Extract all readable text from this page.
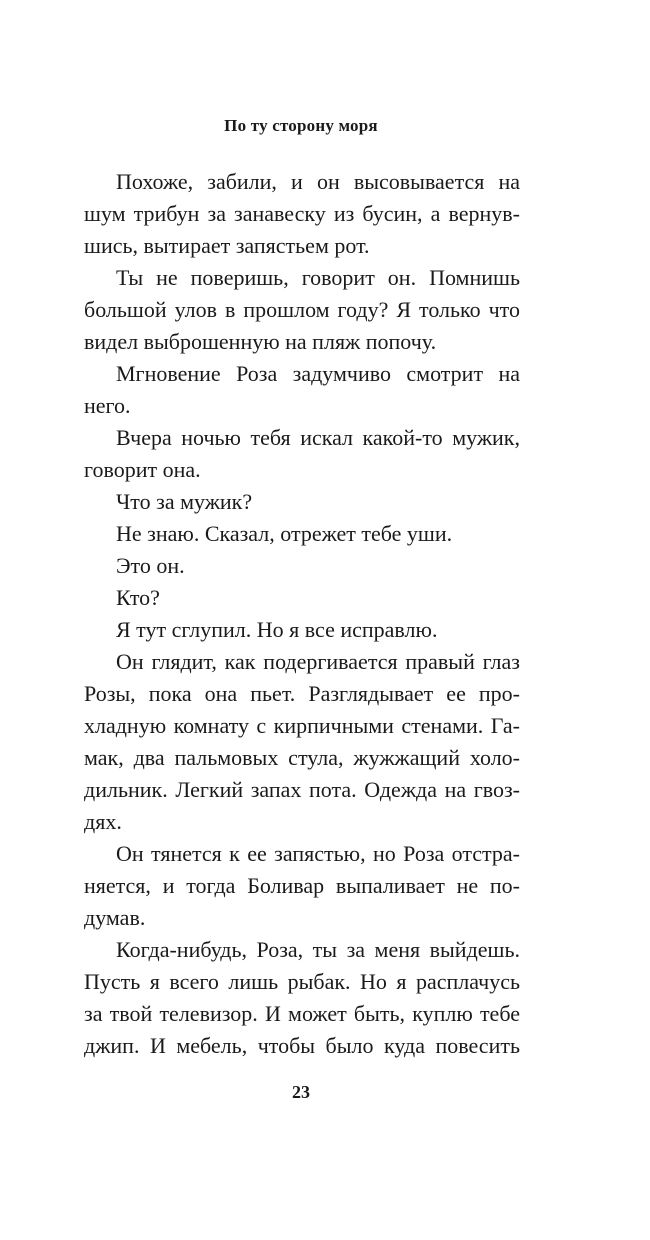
По ту сторону моря
Похоже, забили, и он высовывается на
шум трибун за занавеску из бусин, а вернув-
шись, вытирает запястьем рот.
Ты не поверишь, говорит он. Помнишь
большой улов в прошлом году? Я только что
видел выброшенную на пляж попочу.
Мгновение Роза задумчиво смотрит на
него.
Вчера ночью тебя искал какой-то мужик,
говорит она.
Что за мужик?
Не знаю. Сказал, отрежет тебе уши.
Это он.
Кто?
Я тут сглупил. Но я все исправлю.
Он глядит, как подергивается правый глаз
Розы, пока она пьет. Разглядывает ее про-
хладную комнату с кирпичными стенами. Га-
мак, два пальмовых стула, жужжащий холо-
дильник. Легкий запах пота. Одежда на гвоз-
дях.
Он тянется к ее запястью, но Роза отстра-
няется, и тогда Боливар выпаливает не по-
думав.
Когда-нибудь, Роза, ты за меня выйдешь.
Пусть я всего лишь рыбак. Но я расплачусь
за твой телевизор. И может быть, куплю тебе
джип. И мебель, чтобы было куда повесить
23
